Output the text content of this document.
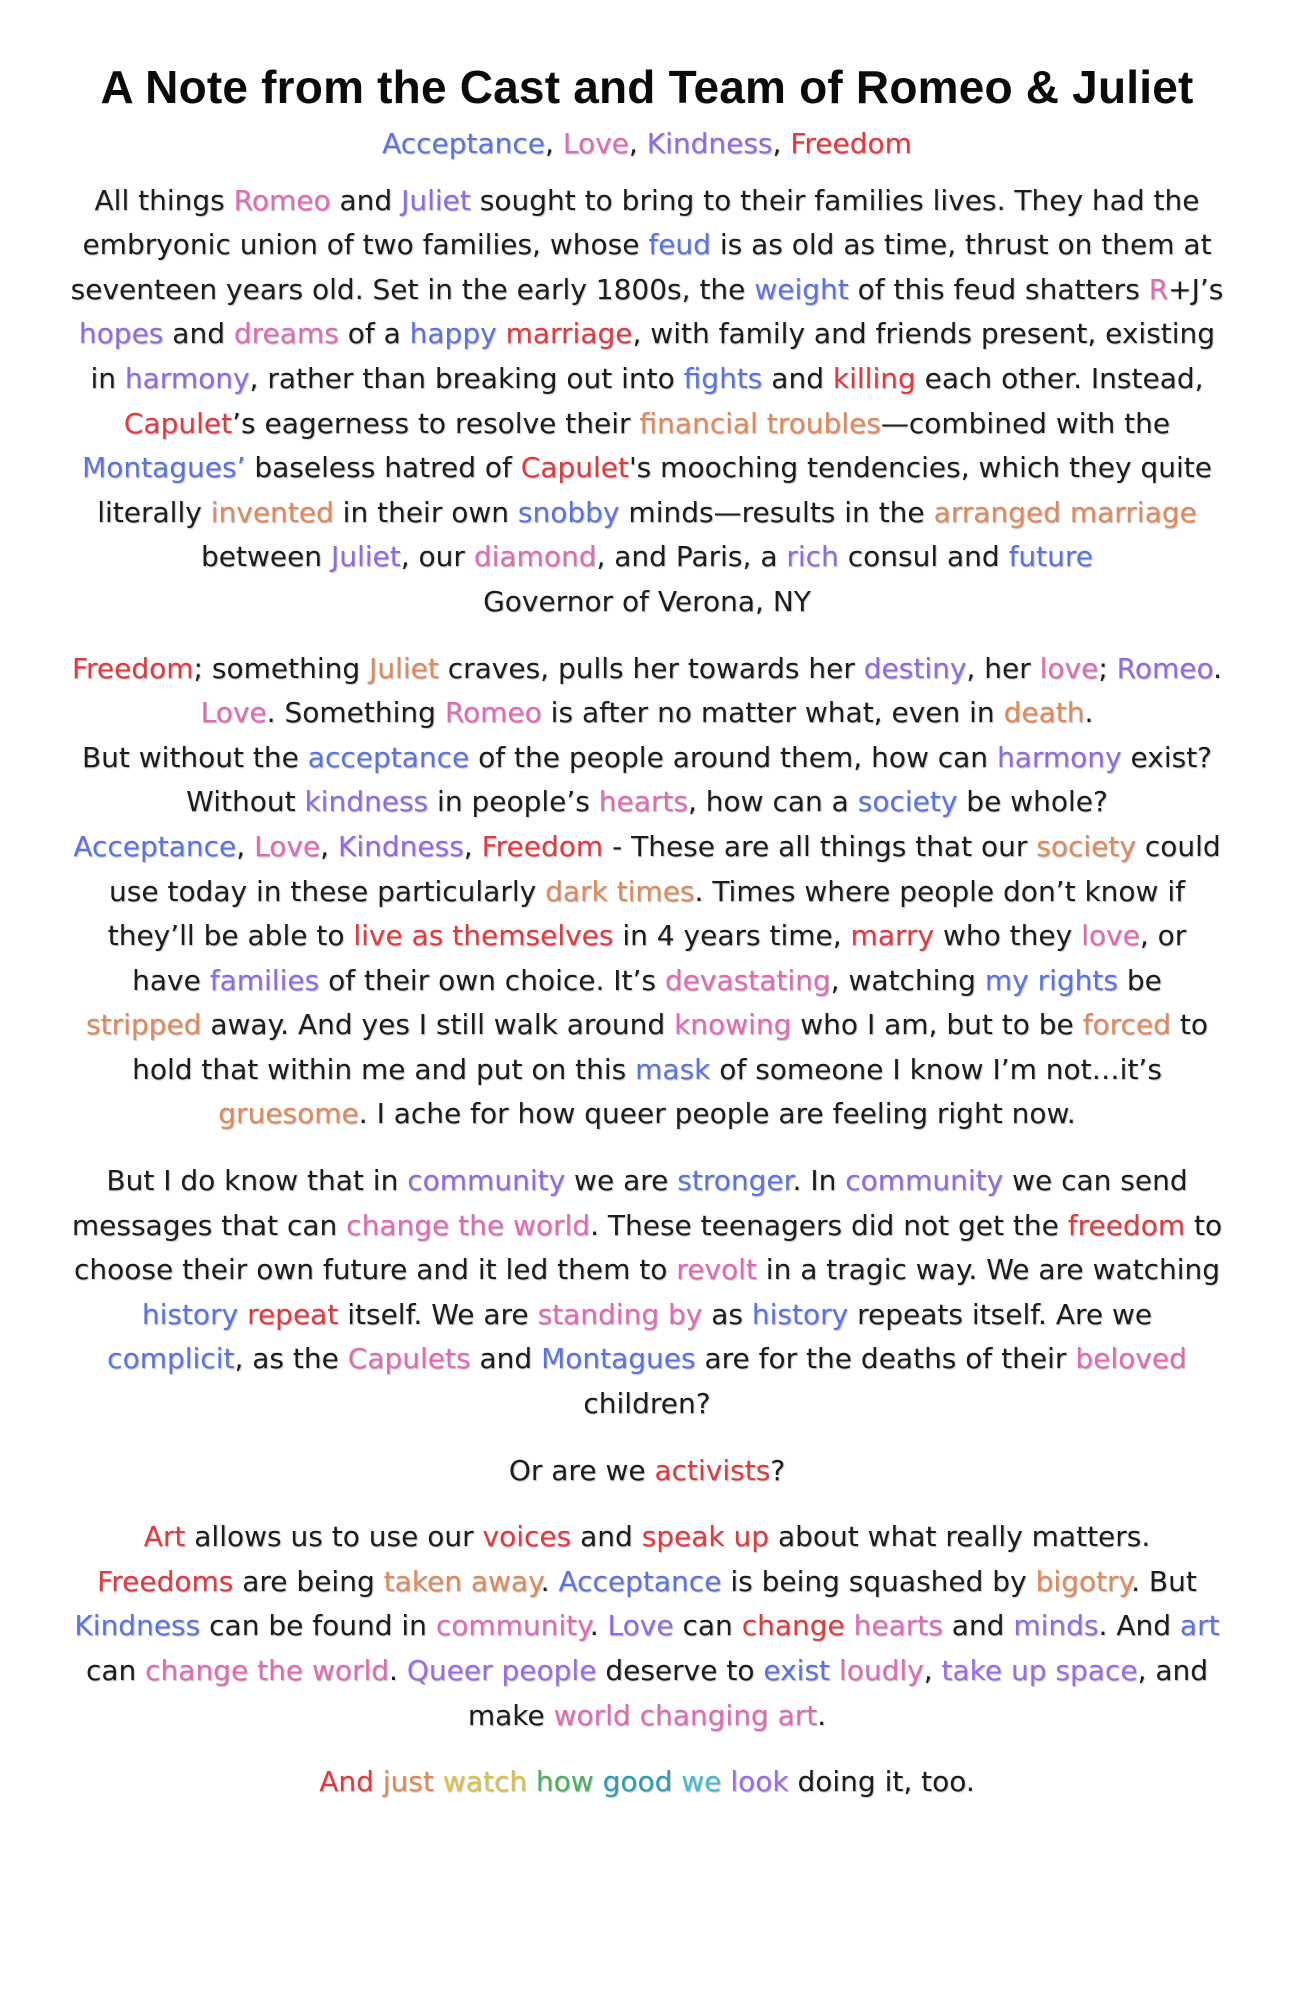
A Note from the Cast and Team of Romeo & Juliet

Acceptance, Love, Kindness, Freedom

All things Romeo and Juliet sought to bring to their families lives. They had the embryonic union of two families, whose feud is as old as time, thrust on them at seventeen years old. Set in the early 1800s, the weight of this feud shatters R+J’s hopes and dreams of a happy marriage, with family and friends present, existing in harmony, rather than breaking out into fights and killing each other. Instead, Capulet’s eagerness to resolve their financial troubles—combined with the Montagues’ baseless hatred of Capulet's mooching tendencies, which they quite literally invented in their own snobby minds—results in the arranged marriage between Juliet, our diamond, and Paris, a rich consul and future
Governor of Verona, NY

Freedom; something Juliet craves, pulls her towards her destiny, her love; Romeo.
Love. Something Romeo is after no matter what, even in death.
But without the acceptance of the people around them, how can harmony exist?
Without kindness in people’s hearts, how can a society be whole?
Acceptance, Love, Kindness, Freedom - These are all things that our society could use today in these particularly dark times. Times where people don’t know if they’ll be able to live as themselves in 4 years time, marry who they love, or have families of their own choice. It’s devastating, watching my rights be stripped away. And yes I still walk around knowing who I am, but to be forced to hold that within me and put on this mask of someone I know I’m not…it’s gruesome. I ache for how queer people are feeling right now.

But I do know that in community we are stronger. In community we can send messages that can change the world. These teenagers did not get the freedom to choose their own future and it led them to revolt in a tragic way. We are watching history repeat itself. We are standing by as history repeats itself. Are we complicit, as the Capulets and Montagues are for the deaths of their beloved children?

Or are we activists?

Art allows us to use our voices and speak up about what really matters.
Freedoms are being taken away. Acceptance is being squashed by bigotry. But Kindness can be found in community. Love can change hearts and minds. And art can change the world. Queer people deserve to exist loudly, take up space, and make world changing art.

And just watch how good we look doing it, too.
